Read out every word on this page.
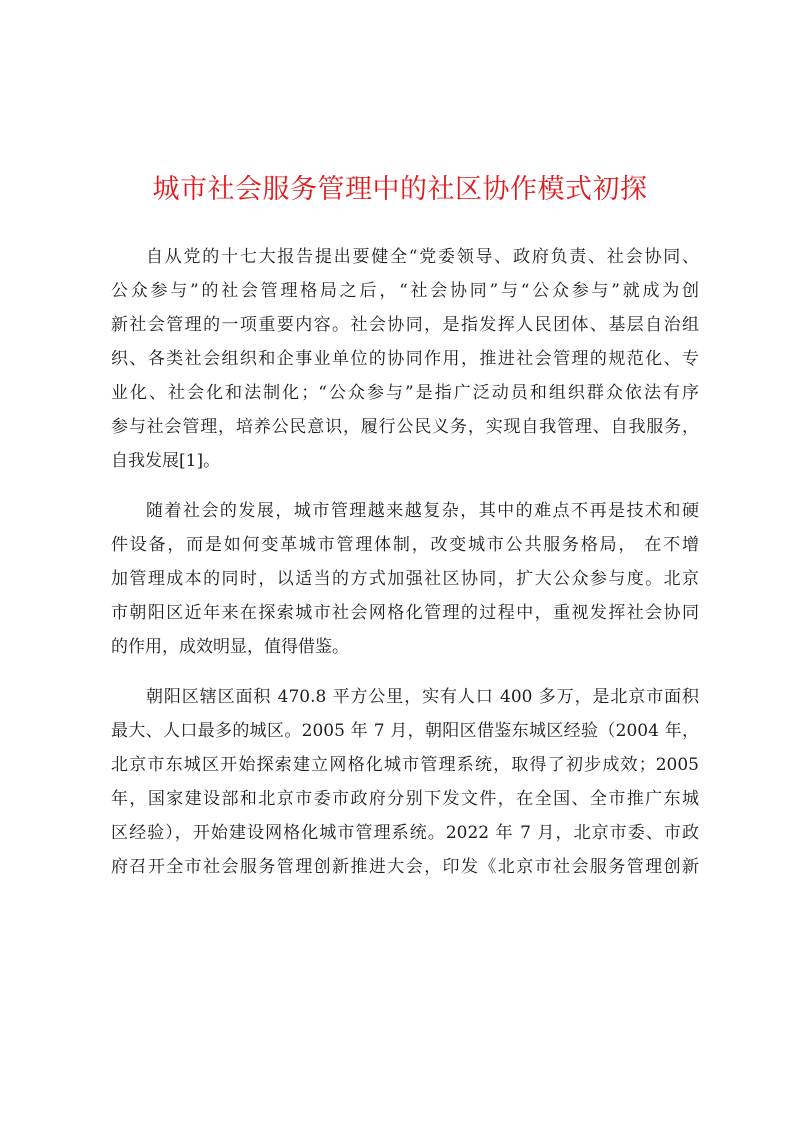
城市社会服务管理中的社区协作模式初探
自从党的十七大报告提出要健全“党委领导、政府负责、社会协同、
公众参与”的社会管理格局之后，“社会协同”与“公众参与”就成为创
新社会管理的一项重要内容。社会协同，是指发挥人民团体、基层自治组
织、各类社会组织和企事业单位的协同作用，推进社会管理的规范化、专
业化、社会化和法制化；“公众参与”是指广泛动员和组织群众依法有序
参与社会管理，培养公民意识，履行公民义务，实现自我管理、自我服务，
自我发展[1]。
随着社会的发展，城市管理越来越复杂，其中的难点不再是技术和硬
件设备，而是如何变革城市管理体制，改变城市公共服务格局， 在不增
加管理成本的同时，以适当的方式加强社区协同，扩大公众参与度。北京
市朝阳区近年来在探索城市社会网格化管理的过程中，重视发挥社会协同
的作用，成效明显，值得借鉴。
朝阳区辖区面积 470.8 平方公里，实有人口 400 多万，是北京市面积
最大、人口最多的城区。2005 年 7 月，朝阳区借鉴东城区经验（2004 年，
北京市东城区开始探索建立网格化城市管理系统，取得了初步成效；2005
年，国家建设部和北京市委市政府分别下发文件，在全国、全市推广东城
区经验），开始建设网格化城市管理系统。2022 年 7 月，北京市委、市政
府召开全市社会服务管理创新推进大会，印发《北京市社会服务管理创新
